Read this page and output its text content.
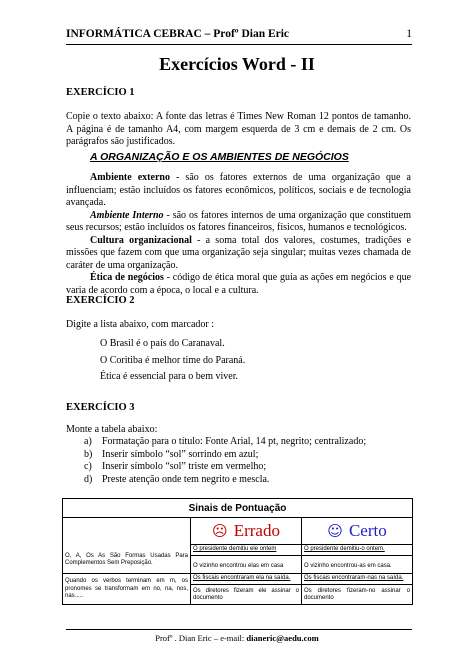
INFORMÁTICA CEBRAC – Profº Dian Eric	1
Exercícios Word - II
EXERCÍCIO 1
Copie o texto abaixo: A fonte das letras é Times New Roman 12 pontos de tamanho. A página é de tamanho A4, com margem esquerda de 3 cm e demais de 2 cm. Os parágrafos são justificados.
A ORGANIZAÇÃO E OS AMBIENTES DE NEGÓCIOS

Ambiente externo - são os fatores externos de uma organização que a influenciam; estão incluídos os fatores econômicos, políticos, sociais e de tecnologia avançada.

Ambiente Interno - são os fatores internos de uma organização que constituem seus recursos; estão incluídos os fatores financeiros, físicos, humanos e tecnológicos.

Cultura organizacional - a soma total dos valores, costumes, tradições e missões que fazem com que uma organização seja singular; muitas vezes chamada de caráter de uma organização.

Ética de negócios - código de ética moral que guia as ações em negócios e que varia de acordo com a época, o local e a cultura.

EXERCÍCIO 2
Digite a lista abaixo, com marcador :
O Brasil é o país do Caranaval.
O Coritiba é melhor time do Paraná.
Ética é essencial para o bem viver.
EXERCÍCIO 3
Monte a tabela abaixo:
a) Formatação para o título: Fonte Arial, 14 pt, negrito; centralizado;
b) Inserir símbolo “sol” sorrindo em azul;
c) Inserir símbolo “sol” triste em vermelho;
d) Preste atenção onde tem negrito e mescla.
Sinais de Pontuação		
	☹ Errado	☺ Certo

O, A, Os As São Formas Usadas Para Complementos Sem Preposição.	O presidente demitiu ele ontem	O presidente demitiu-o ontem.
	O vizinho encontrou elas em casa	O vizinho encontrou-as em casa.
Quando os verbos terminam em m, os pronomes se transformam em no, na, nos, nas.....	Os fiscais encontraram ela na saída.	Os fiscais encontraram-nas na saída.
	Os diretores fizeram ele assinar o documento	Os diretores fizeram-no assinar o documento
Profº . Dian Eric – e-mail: dianeric@aedu.com
